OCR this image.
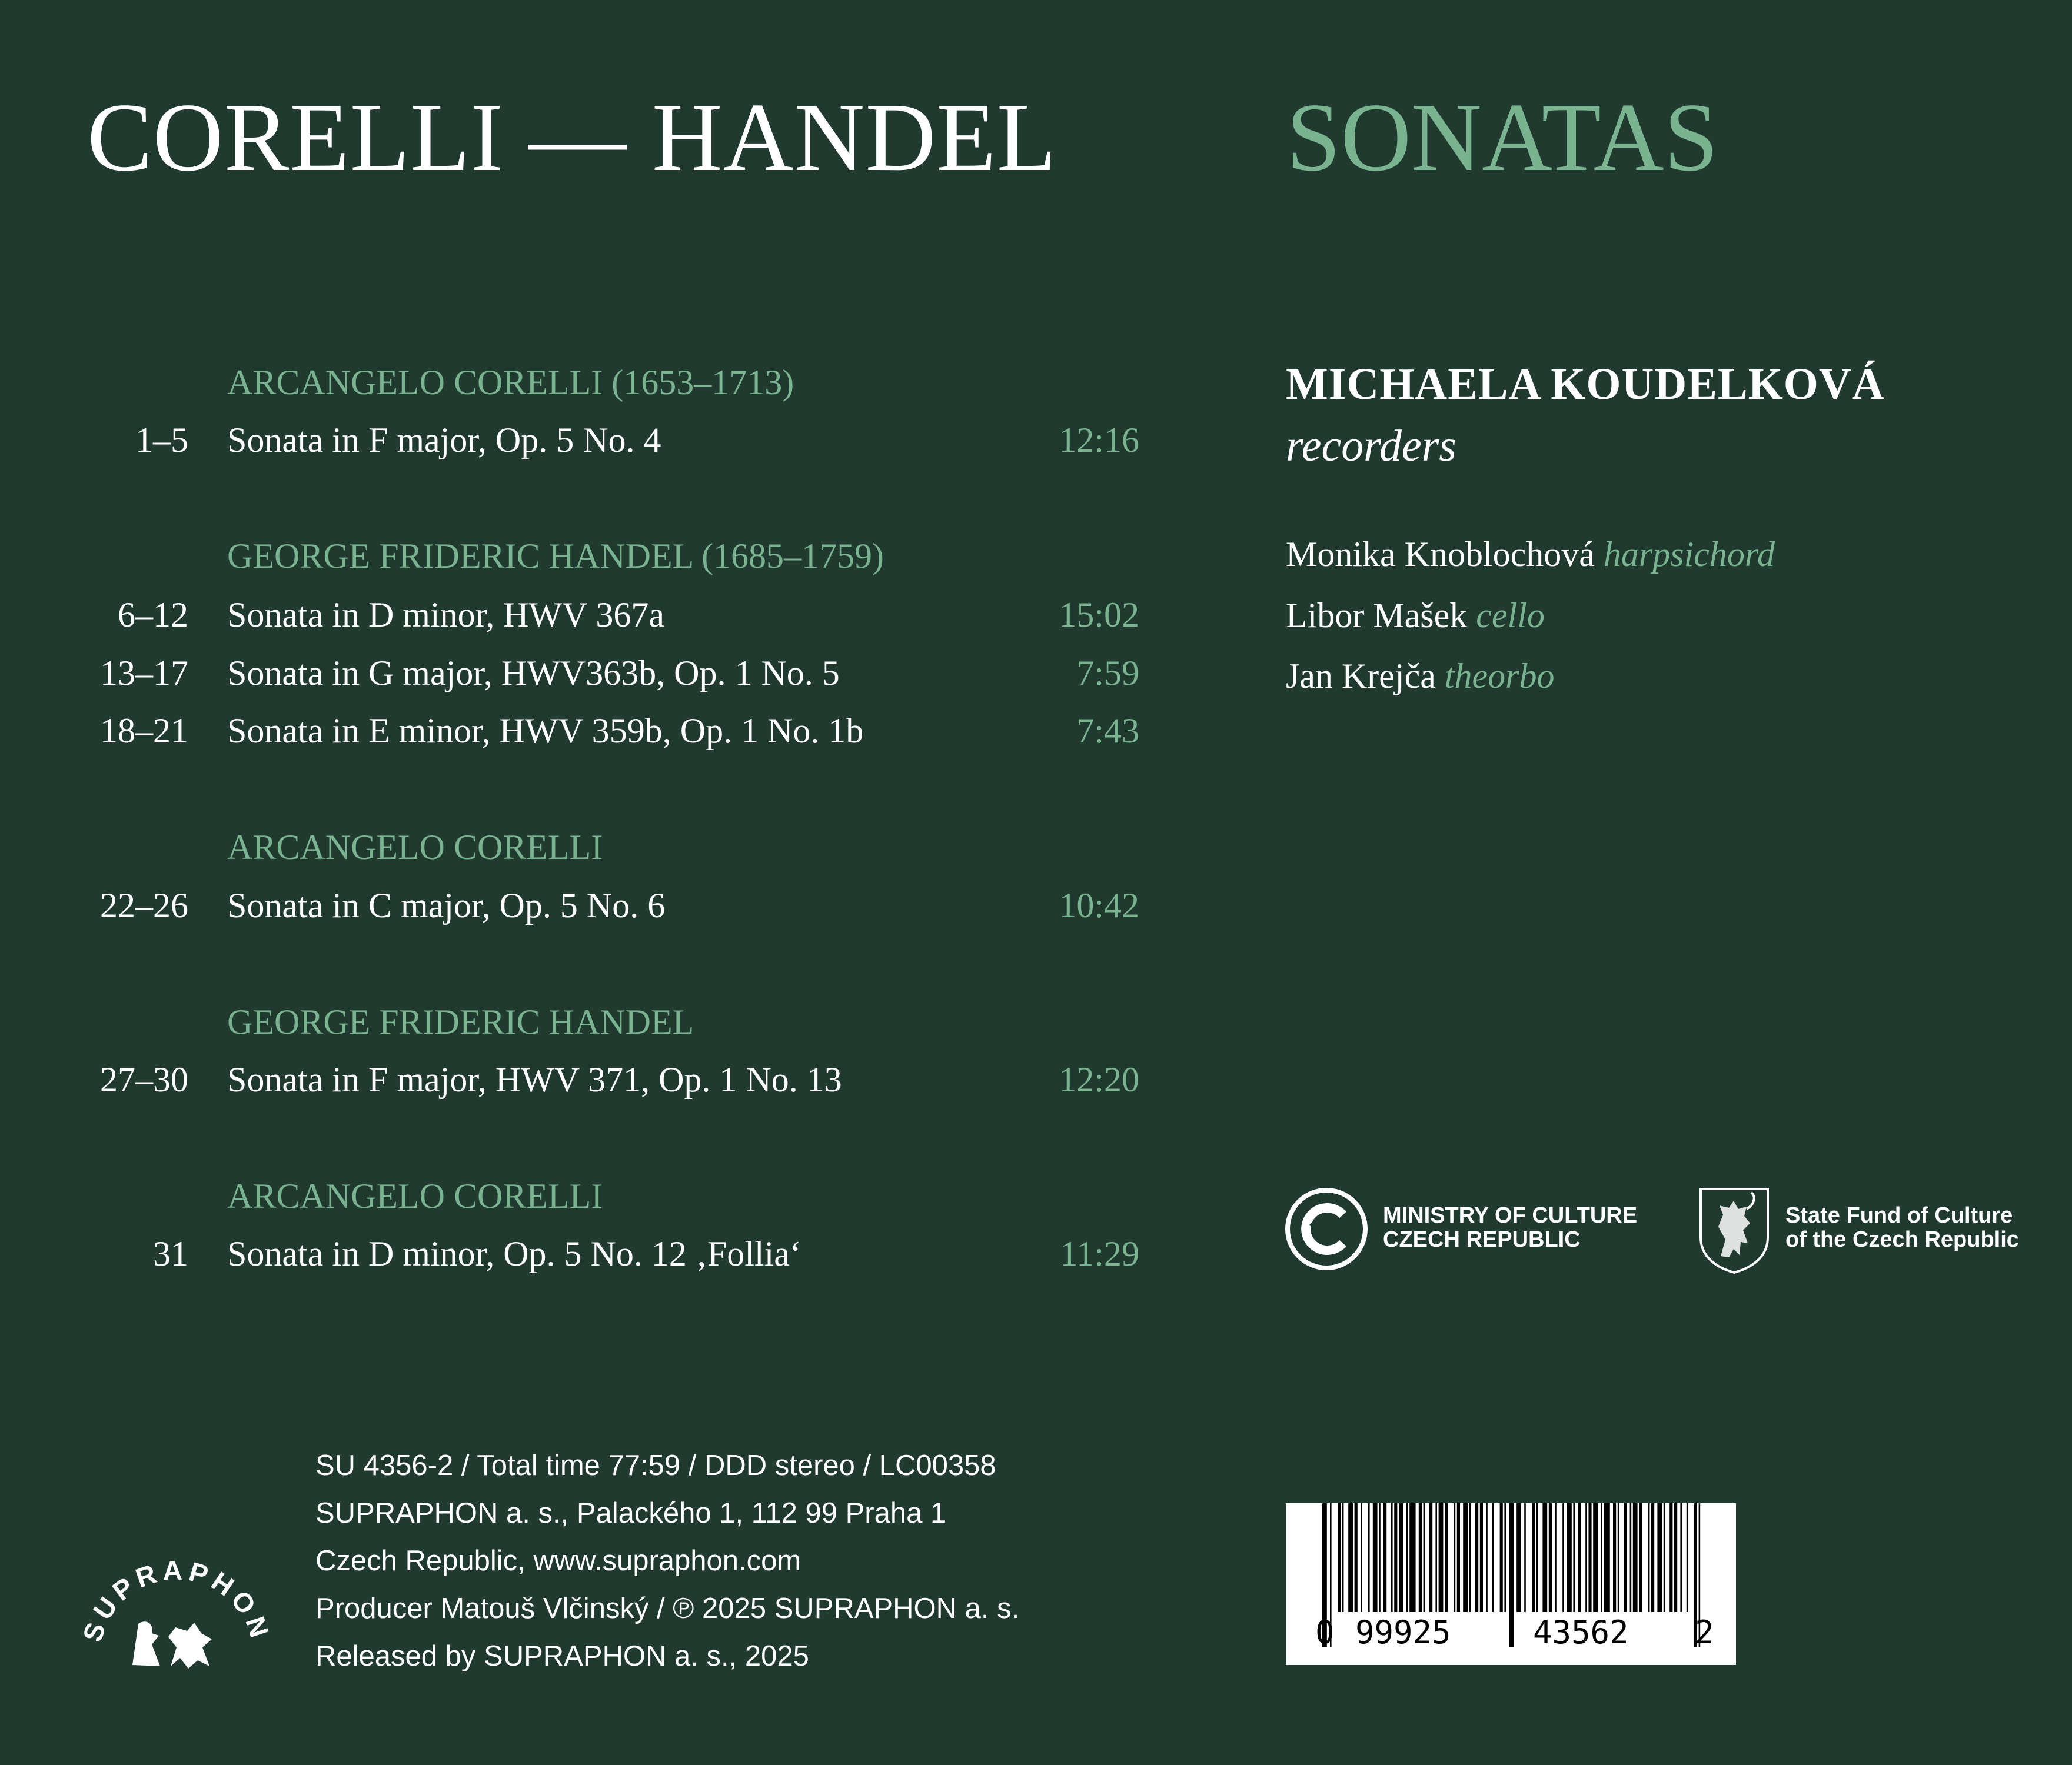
CORELLI — HANDEL SONATAS
ARCANGELO CORELLI (1653–1713)
1–5 Sonata in F major, Op. 5 No. 4	12:16
GEORGE FRIDERIC HANDEL (1685–1759)
6–12 Sonata in D minor, HWV 367a	15:02
13–17 Sonata in G major, HWV363b, Op. 1 No. 5	7:59
18–21 Sonata in E minor, HWV 359b, Op. 1 No. 1b	7:43
ARCANGELO CORELLI
22–26 Sonata in C major, Op. 5 No. 6	10:42
GEORGE FRIDERIC HANDEL
27–30 Sonata in F major, HWV 371, Op. 1 No. 13	12:20
ARCANGELO CORELLI
31 Sonata in D minor, Op. 5 No. 12 ‚Follia‘	11:29
MICHAELA KOUDELKOVÁ
recorders
Monika Knoblochová harpsichord
Libor Mašek cello
Jan Krejča theorbo
MINISTRY OF CULTURE
CZECH REPUBLIC
State Fund of Culture
of the Czech Republic
SUPRAPHON
SU 4356-2 / Total time 77:59 / DDD stereo / LC00358
SUPRAPHON a. s., Palackého 1, 112 99 Praha 1
Czech Republic, www.supraphon.com
Producer Matouš Vlčinský / ℗ 2025 SUPRAPHON a. s.
Released by SUPRAPHON a. s., 2025
0 99925	43562 2
